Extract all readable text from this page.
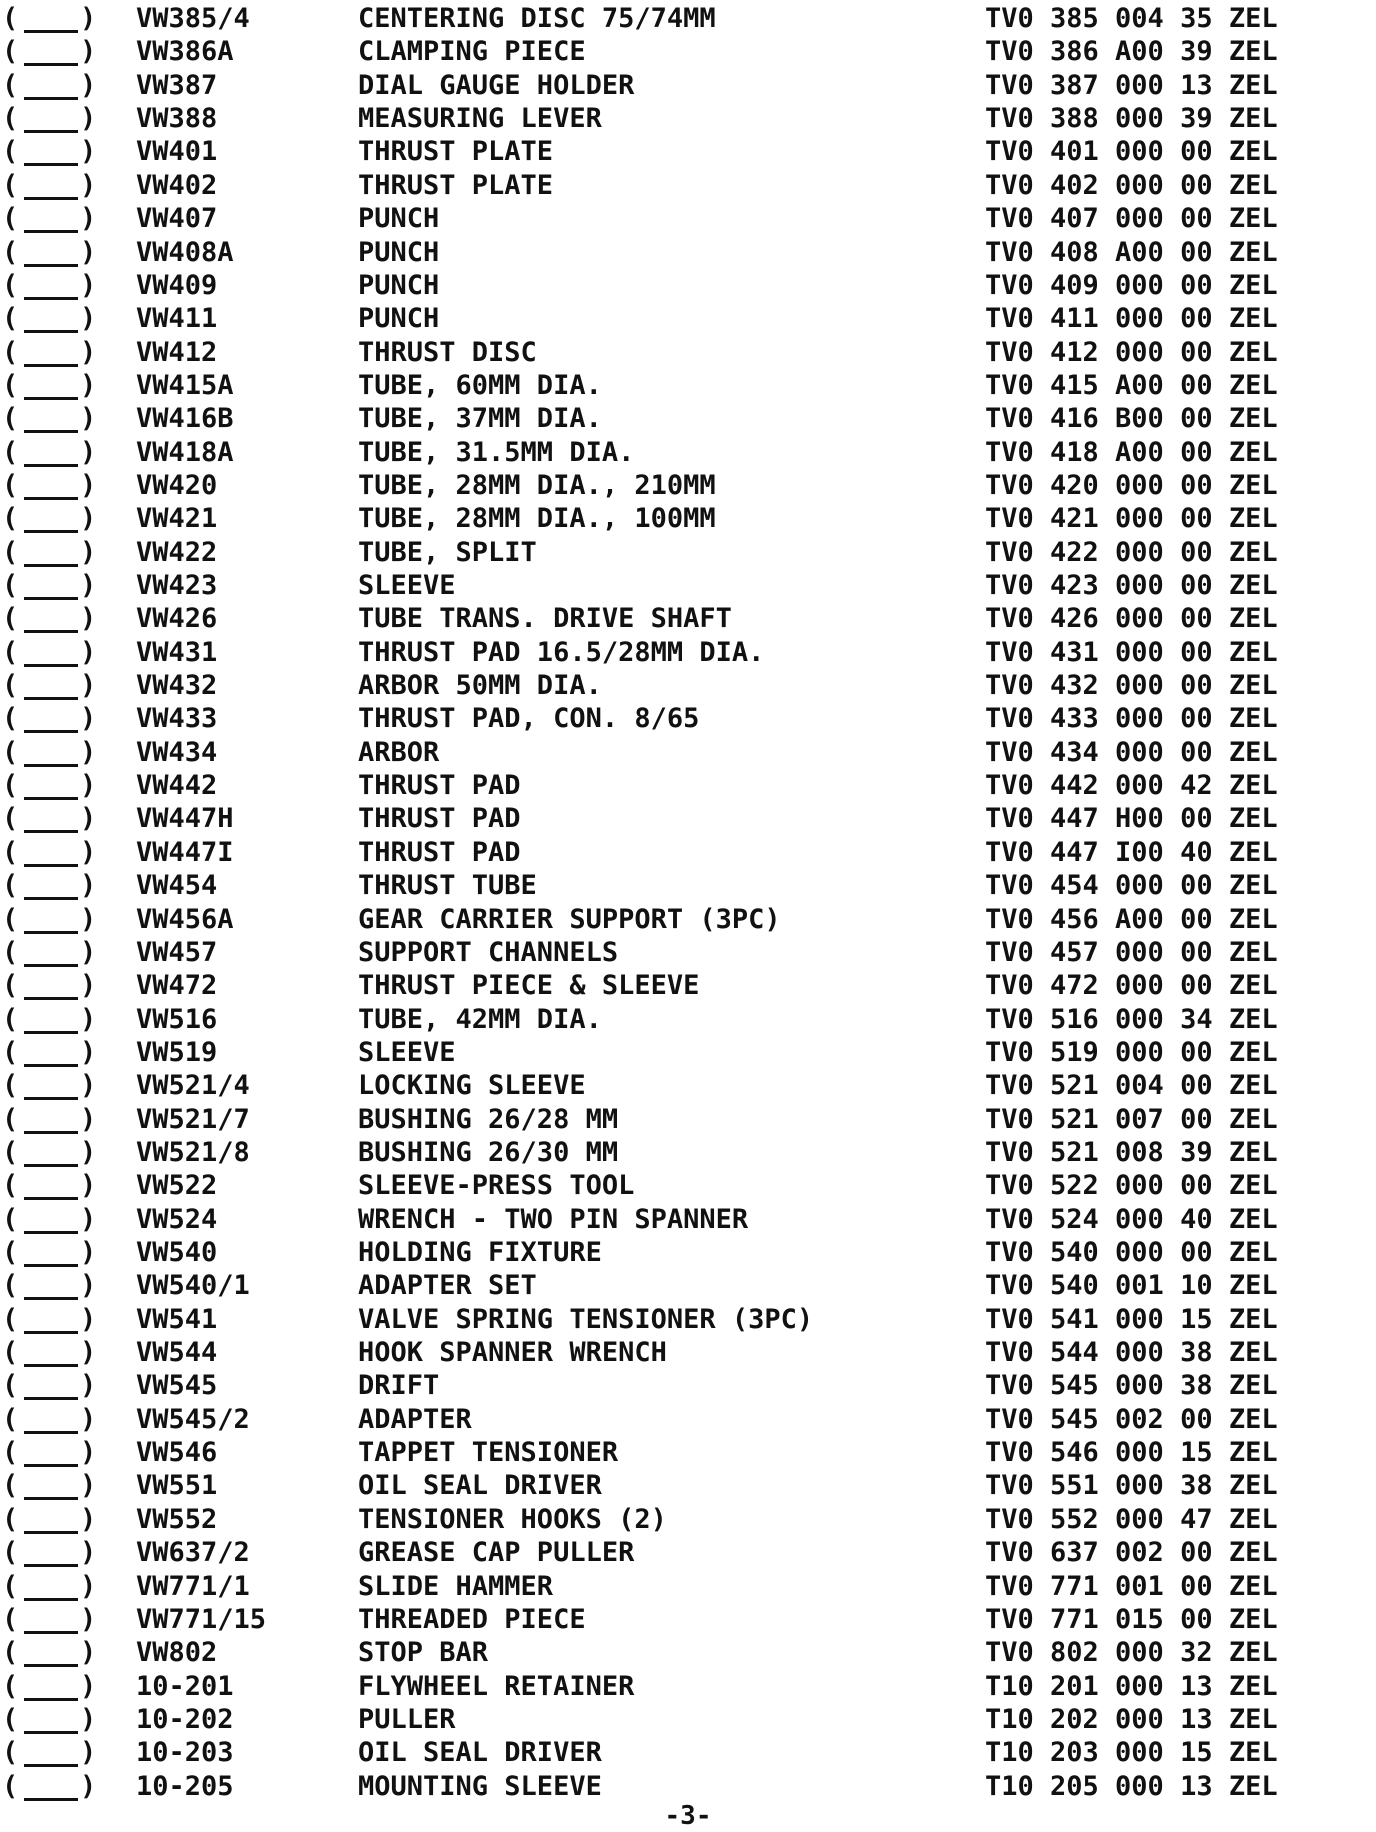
( ) VW385/4	CENTERING DISC 75/74MM	TV0 385 004 35 ZEL
( ) VW386A	CLAMPING PIECE	TV0 386 A00 39 ZEL
( ) VW387	DIAL GAUGE HOLDER	TV0 387 000 13 ZEL
( ) VW388	MEASURING LEVER	TV0 388 000 39 ZEL
( ) VW401	THRUST PLATE	TV0 401 000 00 ZEL
( ) VW402	THRUST PLATE	TV0 402 000 00 ZEL
( ) VW407	PUNCH	TV0 407 000 00 ZEL
( ) VW408A	PUNCH	TV0 408 A00 00 ZEL
( ) VW409	PUNCH	TV0 409 000 00 ZEL
( ) VW411	PUNCH	TV0 411 000 00 ZEL
( ) VW412	THRUST DISC	TV0 412 000 00 ZEL
( ) VW415A	TUBE, 60MM DIA.	TV0 415 A00 00 ZEL
( ) VW416B	TUBE, 37MM DIA.	TV0 416 B00 00 ZEL
( ) VW418A	TUBE, 31.5MM DIA.	TV0 418 A00 00 ZEL
( ) VW420	TUBE, 28MM DIA., 210MM	TV0 420 000 00 ZEL
( ) VW421	TUBE, 28MM DIA., 100MM	TV0 421 000 00 ZEL
( ) VW422	TUBE, SPLIT	TV0 422 000 00 ZEL
( ) VW423	SLEEVE	TV0 423 000 00 ZEL
( ) VW426	TUBE TRANS. DRIVE SHAFT	TV0 426 000 00 ZEL
( ) VW431	THRUST PAD 16.5/28MM DIA.	TV0 431 000 00 ZEL
( ) VW432	ARBOR 50MM DIA.	TV0 432 000 00 ZEL
( ) VW433	THRUST PAD, CON. 8/65	TV0 433 000 00 ZEL
( ) VW434	ARBOR	TV0 434 000 00 ZEL
( ) VW442	THRUST PAD	TV0 442 000 42 ZEL
( ) VW447H	THRUST PAD	TV0 447 H00 00 ZEL
( ) VW447I	THRUST PAD	TV0 447 I00 40 ZEL
( ) VW454	THRUST TUBE	TV0 454 000 00 ZEL
( ) VW456A	GEAR CARRIER SUPPORT (3PC)	TV0 456 A00 00 ZEL
( ) VW457	SUPPORT CHANNELS	TV0 457 000 00 ZEL
( ) VW472	THRUST PIECE & SLEEVE	TV0 472 000 00 ZEL
( ) VW516	TUBE, 42MM DIA.	TV0 516 000 34 ZEL
( ) VW519	SLEEVE	TV0 519 000 00 ZEL
( ) VW521/4	LOCKING SLEEVE	TV0 521 004 00 ZEL
( ) VW521/7	BUSHING 26/28 MM	TV0 521 007 00 ZEL
( ) VW521/8	BUSHING 26/30 MM	TV0 521 008 39 ZEL
( ) VW522	SLEEVE-PRESS TOOL	TV0 522 000 00 ZEL
( ) VW524	WRENCH - TWO PIN SPANNER	TV0 524 000 40 ZEL
( ) VW540	HOLDING FIXTURE	TV0 540 000 00 ZEL
( ) VW540/1	ADAPTER SET	TV0 540 001 10 ZEL
( ) VW541	VALVE SPRING TENSIONER (3PC)	TV0 541 000 15 ZEL
( ) VW544	HOOK SPANNER WRENCH	TV0 544 000 38 ZEL
( ) VW545	DRIFT	TV0 545 000 38 ZEL
( ) VW545/2	ADAPTER	TV0 545 002 00 ZEL
( ) VW546	TAPPET TENSIONER	TV0 546 000 15 ZEL
( ) VW551	OIL SEAL DRIVER	TV0 551 000 38 ZEL
( ) VW552	TENSIONER HOOKS (2)	TV0 552 000 47 ZEL
( ) VW637/2	GREASE CAP PULLER	TV0 637 002 00 ZEL
( ) VW771/1	SLIDE HAMMER	TV0 771 001 00 ZEL
( ) VW771/15	THREADED PIECE	TV0 771 015 00 ZEL
( ) VW802	STOP BAR	TV0 802 000 32 ZEL
( ) 10-201	FLYWHEEL RETAINER	T10 201 000 13 ZEL
( ) 10-202	PULLER	T10 202 000 13 ZEL
( ) 10-203	OIL SEAL DRIVER	T10 203 000 15 ZEL
( ) 10-205	MOUNTING SLEEVE	T10 205 000 13 ZEL
-3-
